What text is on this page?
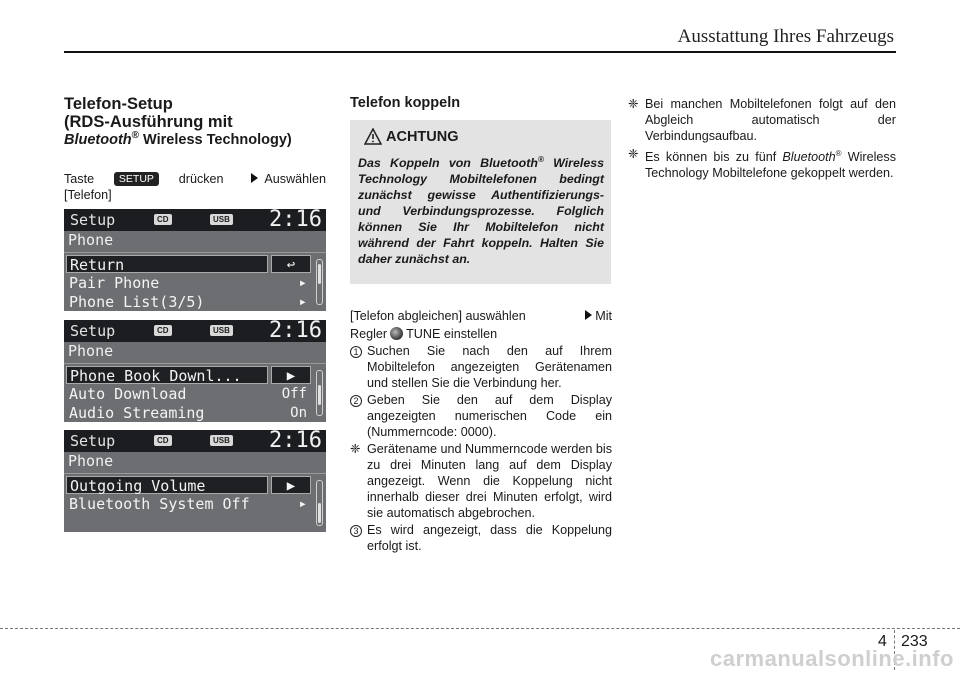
Ausstattung Ihres Fahrzeugs
Telefon-Setup
(RDS-Ausführung mit
Bluetooth® Wireless Technology)
Taste	SETUP	drücken	Auswählen
[Telefon]
Setup	CD	USB 2:16
Phone
Return	↩
Pair Phone	▸
Phone List(3/5)	▸
Setup	CD	USB 2:16
Phone
Phone Book Downl...	▶
Auto Download	Off
Audio Streaming	On
Setup	CD	USB 2:16
Phone
Outgoing Volume	▶
Bluetooth System Off	▸
Telefon koppeln
ACHTUNG
Das Koppeln von Bluetooth® Wireless Technology Mobiltelefonen bedingt zunächst gewisse Authentifizierungs- und Verbindungsprozesse. Folglich können Sie Ihr Mobiltelefon nicht während der Fahrt koppeln. Halten Sie daher zunächst an.
[Telefon abgleichen] auswählen	Mit
Regler TUNE einstellen
1 Suchen Sie nach den auf Ihrem Mobiltelefon angezeigten Gerätenamen und stellen Sie die Verbindung her.
2 Geben Sie den auf dem Display angezeigten numerischen Code ein (Nummerncode: 0000).
❈ Gerätename und Nummerncode werden bis zu drei Minuten lang auf dem Display angezeigt. Wenn die Koppelung nicht innerhalb dieser drei Minuten erfolgt, wird sie automatisch abgebrochen.
3 Es wird angezeigt, dass die Koppelung erfolgt ist.
❈ Bei manchen Mobiltelefonen folgt auf den Abgleich automatisch der Verbindungsaufbau.
❈ Es können bis zu fünf Bluetooth® Wireless Technology Mobiltelefone gekoppelt werden.
4 233
carmanualsonline.info
